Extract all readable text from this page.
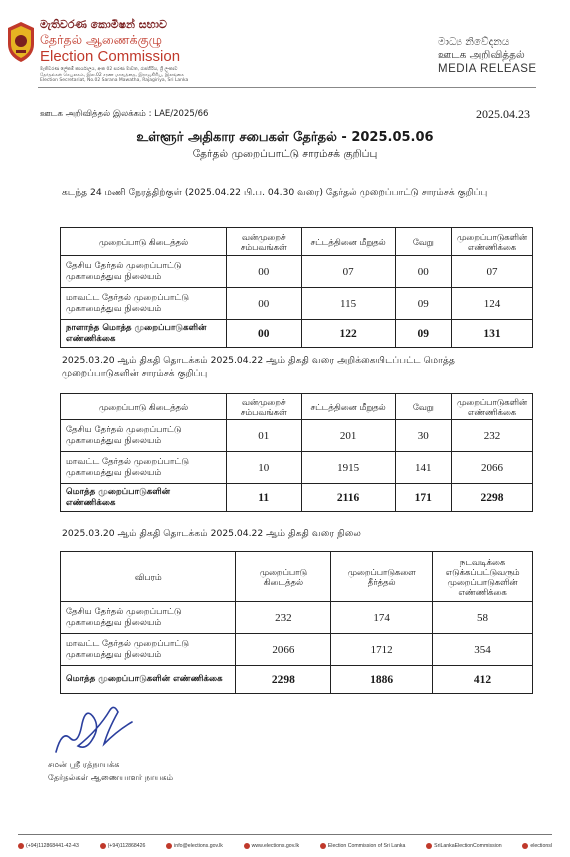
මැතිවරණ කොමිෂන් සභාව
தேர்தல் ஆணைக்குழு
Election Commission
මැතිවරණ ලේකම් කාර්යාලය, අංක 02 සරණ මාවත, රාජගිරිය, ශ්‍රී ලංකාව
தேர்தல்கள் செயலகம், இல.02 சரண மாவத்தை, இராஜகிரிய, இலங்கை
Election Secretariat, No.02 Sarana Mawatha, Rajagiriya, Sri Lanka
මාධ්‍ය නිවේදනය
ஊடக அறிவித்தல்
MEDIA RELEASE
ஊடக அறிவித்தல் இலக்கம் : LAE/2025/66	2025.04.23
உள்ளூர் அதிகார சபைகள் தேர்தல் - 2025.05.06
தேர்தல் முறைப்பாட்டு சாரம்சக் குறிப்பு
கடந்த 24 மணி நேரத்திற்குள் (2025.04.22 பி.ப. 04.30 வரை) தேர்தல் முறைப்பாட்டு சாரம்சக் குறிப்பு
முறைப்பாடு கிடைத்தல்	வன்முறைச் சம்பவங்கள்	சட்டத்தினை மீறுதல்	வேறு	முறைப்பாடுகளின் எண்ணிக்கை
தேசிய தேர்தல் முறைப்பாட்டு முகாமைத்துவ நிலையம்	00	07	00	07
மாவட்ட தேர்தல் முறைப்பாட்டு முகாமைத்துவ நிலையம்	00	115	09	124
நாளாந்த மொத்த முறைப்பாடுகளின் எண்ணிக்கை	00	122	09	131
2025.03.20 ஆம் திகதி தொடக்கம் 2025.04.22 ஆம் திகதி வரை அறிக்கையிடப்பட்ட மொத்த முறைப்பாடுகளின் சாரம்சக் குறிப்பு
முறைப்பாடு கிடைத்தல்	வன்முறைச் சம்பவங்கள்	சட்டத்தினை மீறுதல்	வேறு	முறைப்பாடுகளின் எண்ணிக்கை
தேசிய தேர்தல் முறைப்பாட்டு முகாமைத்துவ நிலையம்	01	201	30	232
மாவட்ட தேர்தல் முறைப்பாட்டு முகாமைத்துவ நிலையம்	10	1915	141	2066
மொத்த முறைப்பாடுகளின் எண்ணிக்கை	11	2116	171	2298
2025.03.20 ஆம் திகதி தொடக்கம் 2025.04.22 ஆம் திகதி வரை நிலை
விபரம்	முறைப்பாடு கிடைத்தல்	முறைப்பாடுகளை தீர்த்தல்	நடவடிக்கை எடுக்கப்பட்டுவரும் முறைப்பாடுகளின் எண்ணிக்கை
தேசிய தேர்தல் முறைப்பாட்டு முகாமைத்துவ நிலையம்	232	174	58
மாவட்ட தேர்தல் முறைப்பாட்டு முகாமைத்துவ நிலையம்	2066	1712	354
மொத்த முறைப்பாடுகளின் எண்ணிக்கை	2298	1886	412
சமன் ஸ்ரீ ரத்நாயக்க
தேர்தல்கள் ஆணையாளர் நாயகம்
(+94)112868441-42-43	(+94)112868426	info@elections.gov.lk	www.elections.gov.lk	Election Commission of Sri Lanka	SriLankaElectionCommission	electionsl
